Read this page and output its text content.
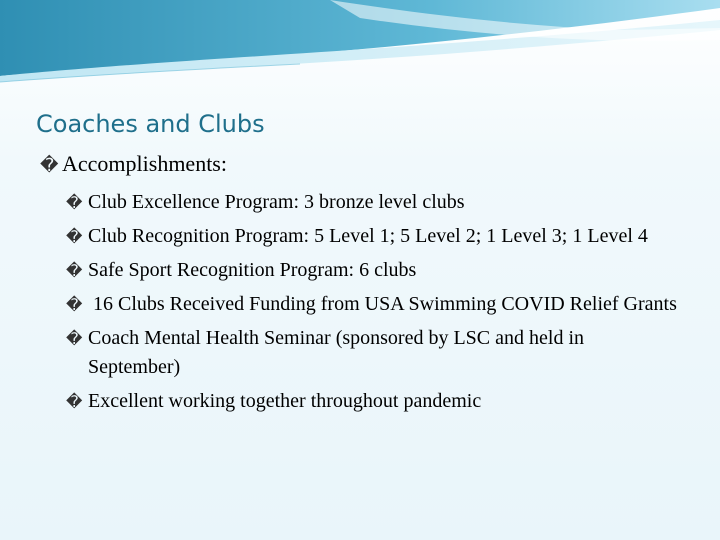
Coaches and Clubs
� Accomplishments:
� Club Excellence Program: 3 bronze level clubs
� Club Recognition Program: 5 Level 1; 5 Level 2; 1 Level 3; 1 Level 4
� Safe Sport Recognition Program: 6 clubs
� 16 Clubs Received Funding from USA Swimming COVID Relief Grants
� Coach Mental Health Seminar (sponsored by LSC and held in September)
� Excellent working together throughout pandemic
